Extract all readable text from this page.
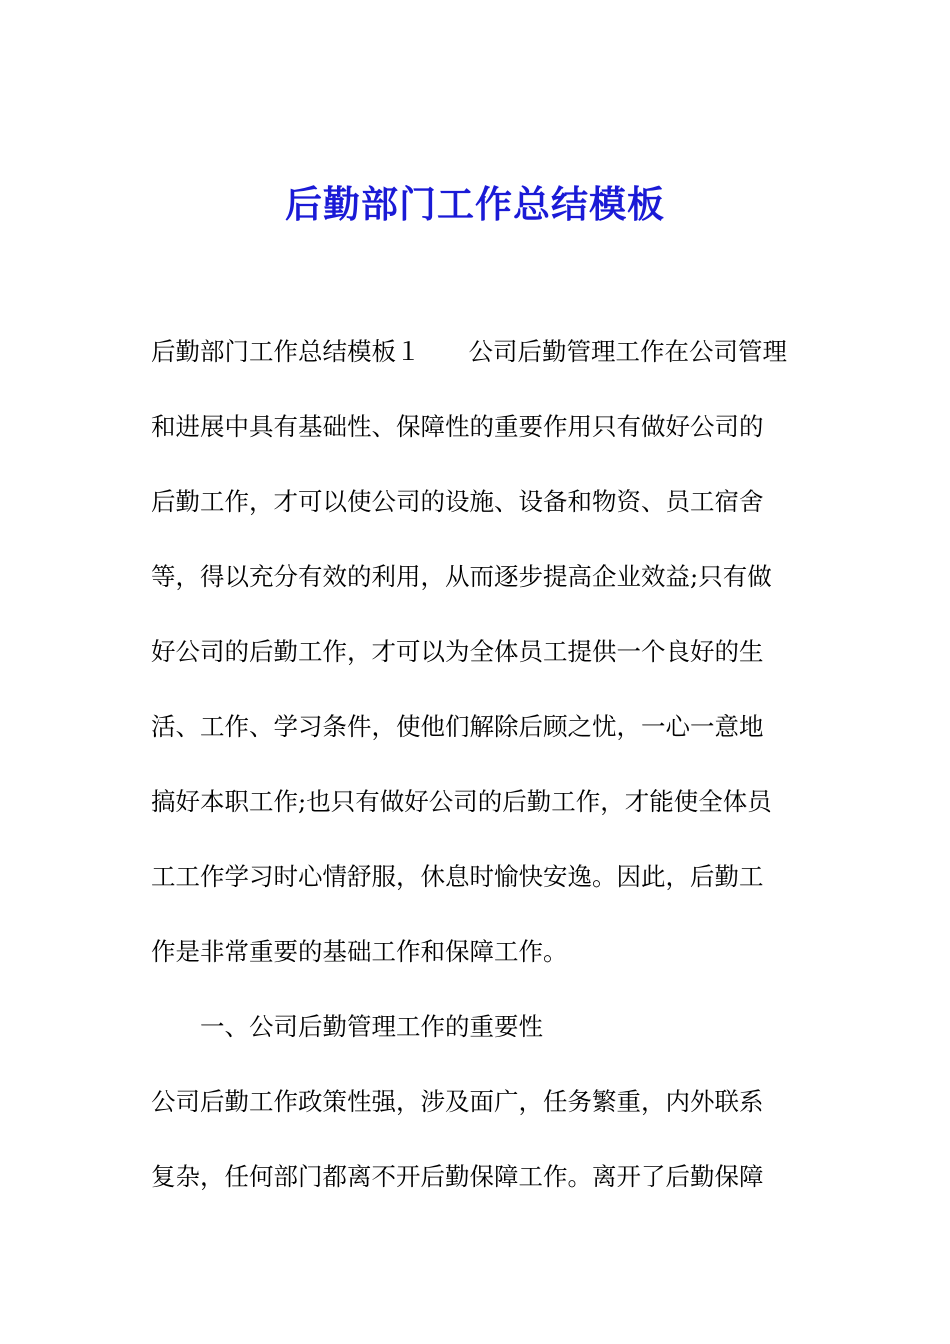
后勤部门工作总结模板
后勤部门工作总结模板１ 公司后勤管理工作在公司管理
和进展中具有基础性、保障性的重要作用只有做好公司的
后勤工作，才可以使公司的设施、设备和物资、员工宿舍
等，得以充分有效的利用，从而逐步提高企业效益;只有做
好公司的后勤工作，才可以为全体员工提供一个良好的生
活、工作、学习条件，使他们解除后顾之忧，一心一意地
搞好本职工作;也只有做好公司的后勤工作，才能使全体员
工工作学习时心情舒服，休息时愉快安逸。因此，后勤工
作是非常重要的基础工作和保障工作。
一、公司后勤管理工作的重要性
公司后勤工作政策性强，涉及面广，任务繁重，内外联系
复杂，任何部门都离不开后勤保障工作。离开了后勤保障
